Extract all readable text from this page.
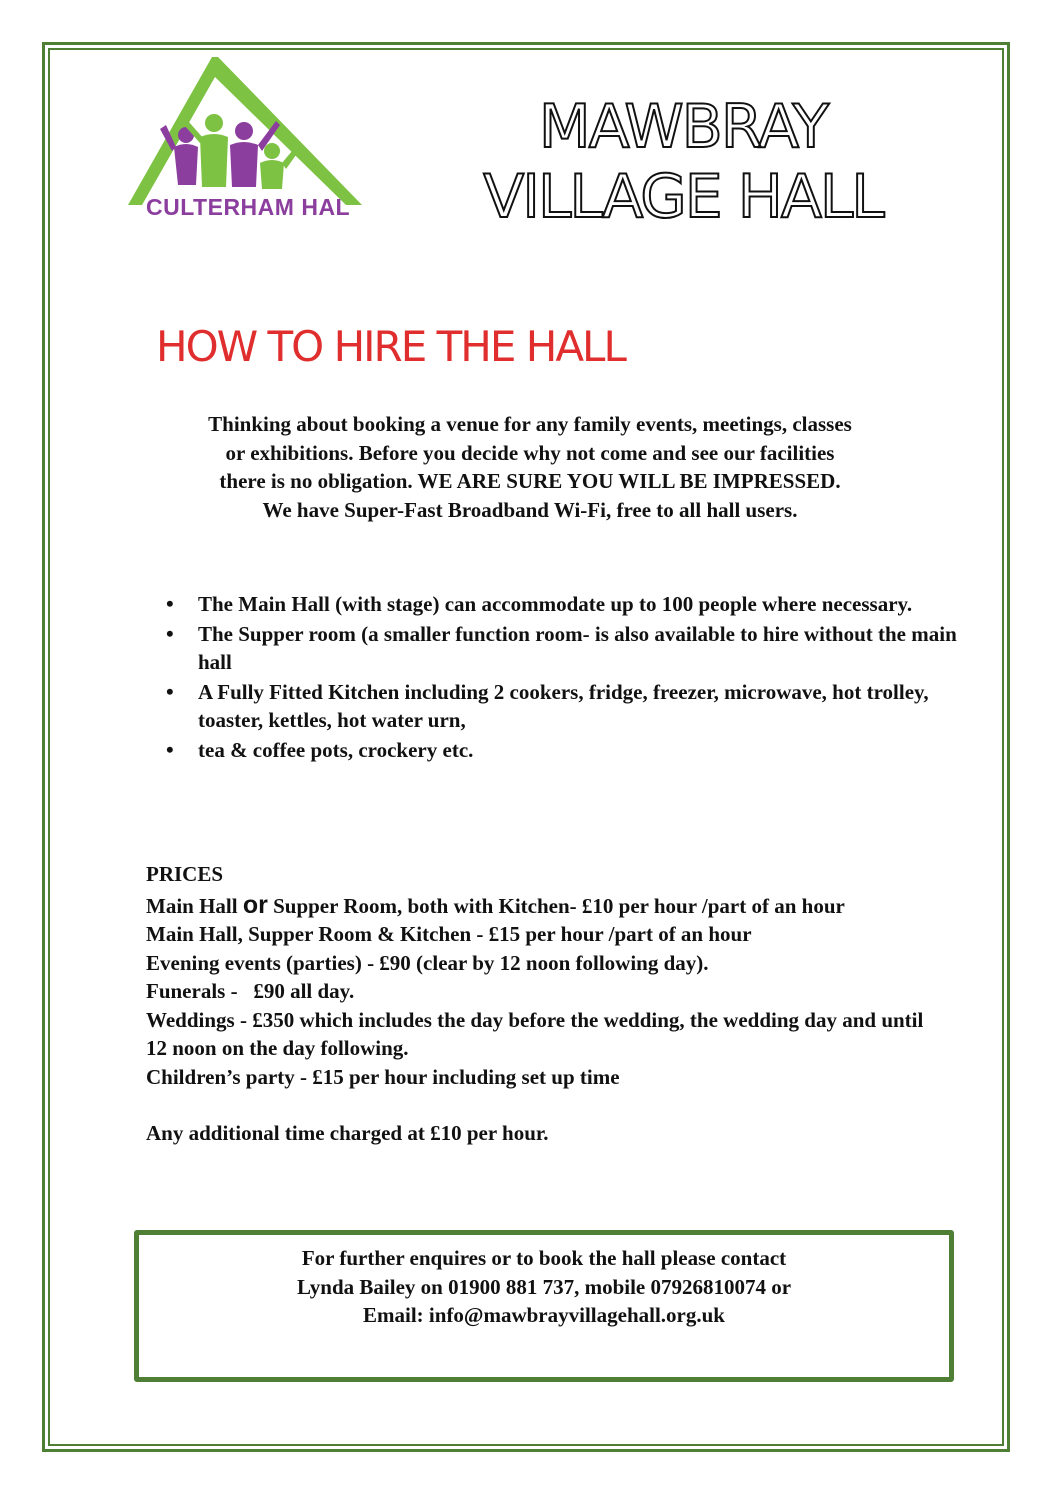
CULTERHAM HAL
MAWBRAY
VILLAGE HALL
HOW TO HIRE THE HALL
Thinking about booking a venue for any family events, meetings, classes
or exhibitions. Before you decide why not come and see our facilities
there is no obligation. WE ARE SURE YOU WILL BE IMPRESSED.
We have Super-Fast Broadband Wi-Fi, free to all hall users.
• The Main Hall (with stage) can accommodate up to 100 people where necessary.
• The Supper room (a smaller function room- is also available to hire without the main hall
• A Fully Fitted Kitchen including 2 cookers, fridge, freezer, microwave, hot trolley, toaster, kettles, hot water urn,
• tea & coffee pots, crockery etc.
PRICES
Main Hall or Supper Room, both with Kitchen- £10 per hour /part of an hour
Main Hall, Supper Room & Kitchen - £15 per hour /part of an hour
Evening events (parties) - £90 (clear by 12 noon following day).
Funerals -   £90 all day.
Weddings - £350 which includes the day before the wedding, the wedding day and until 12 noon on the day following.
Children’s party - £15 per hour including set up time
Any additional time charged at £10 per hour.
For further enquires or to book the hall please contact
Lynda Bailey on 01900 881 737, mobile 07926810074 or
Email: info@mawbrayvillagehall.org.uk
